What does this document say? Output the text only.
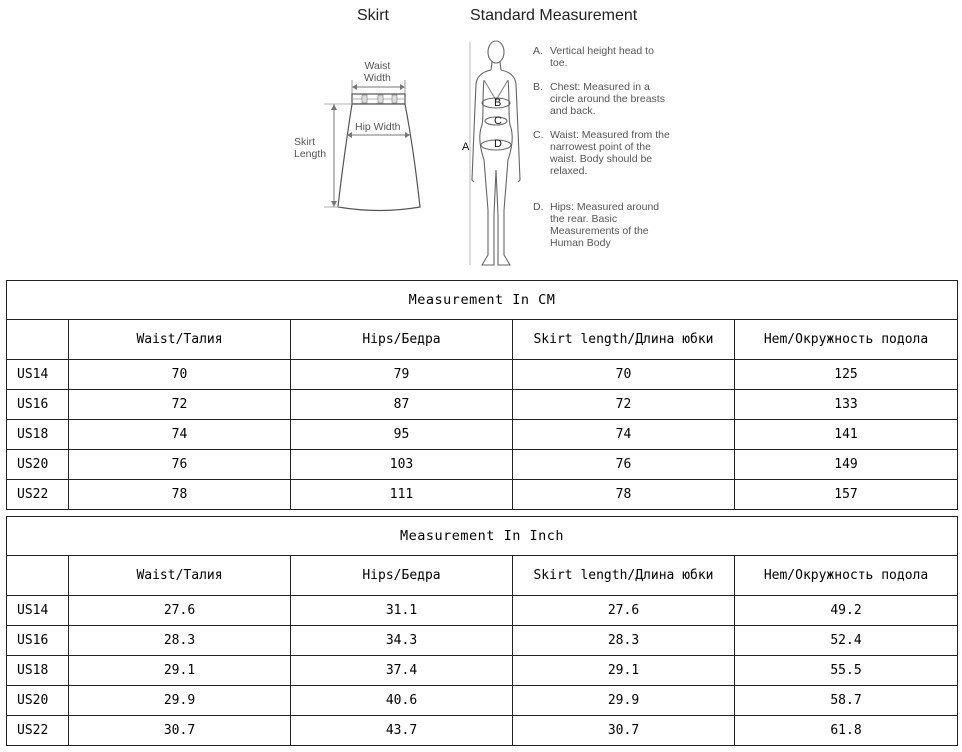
Skirt	Standard Measurement
Waist
Width
Hip Width
Skirt
Length
A
B
C
D
A. Vertical height head to toe.
B. Chest: Measured in a circle around the breasts and back.
C. Waist: Measured from the narrowest point of the waist. Body should be relaxed.
D. Hips: Measured around the rear. Basic Measurements of the Human Body
Measurement In CM				
	Waist/Талия	Hips/Бедра	Skirt length/Длина юбки	Hem/Окружность подола
US14	70	79	70	125
US16	72	87	72	133
US18	74	95	74	141
US20	76	103	76	149
US22	78	111	78	157
Measurement In Inch				
	Waist/Талия	Hips/Бедра	Skirt length/Длина юбки	Hem/Окружность подола
US14	27.6	31.1	27.6	49.2
US16	28.3	34.3	28.3	52.4
US18	29.1	37.4	29.1	55.5
US20	29.9	40.6	29.9	58.7
US22	30.7	43.7	30.7	61.8
